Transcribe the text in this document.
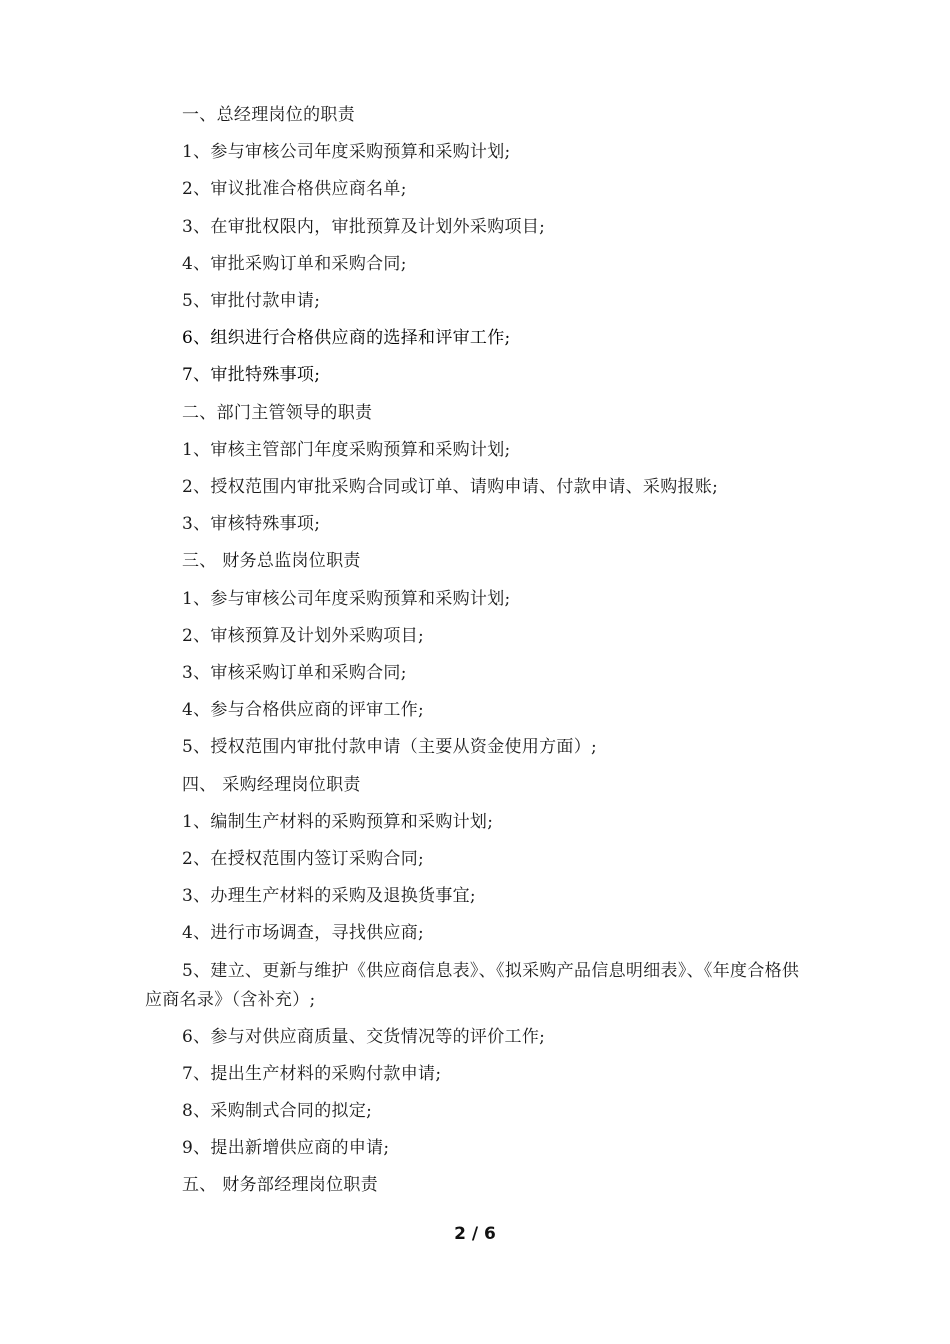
一、总经理岗位的职责

1、参与审核公司年度采购预算和采购计划;

2、审议批准合格供应商名单;

3、在审批权限内，审批预算及计划外采购项目;

4、审批采购订单和采购合同;

5、审批付款申请;

6、组织进行合格供应商的选择和评审工作;

7、审批特殊事项;

二、部门主管领导的职责

1、审核主管部门年度采购预算和采购计划;

2、授权范围内审批采购合同或订单、请购申请、付款申请、采购报账;

3、审核特殊事项;

三、 财务总监岗位职责

1、参与审核公司年度采购预算和采购计划;

2、审核预算及计划外采购项目;

3、审核采购订单和采购合同;

4、参与合格供应商的评审工作;

5、授权范围内审批付款申请（主要从资金使用方面）;

四、 采购经理岗位职责

1、编制生产材料的采购预算和采购计划;

2、在授权范围内签订采购合同;

3、办理生产材料的采购及退换货事宜;

4、进行市场调查，寻找供应商;

5、建立、更新与维护《供应商信息表》、《拟采购产品信息明细表》、《年度合格供应商名录》（含补充）;

6、参与对供应商质量、交货情况等的评价工作;

7、提出生产材料的采购付款申请;

8、采购制式合同的拟定;

9、提出新增供应商的申请;

五、 财务部经理岗位职责

2 / 6
